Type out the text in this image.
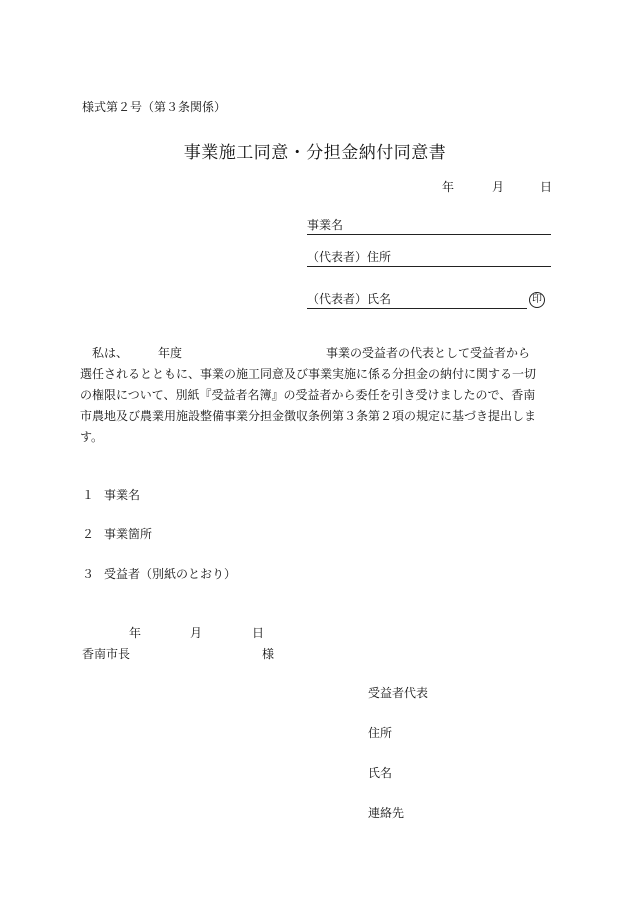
様式第２号（第３条関係）
事業施工同意・分担金納付同意書
年	月	日
事業名
（代表者）住所
（代表者）氏名	印
　私は、　　　年度　　　　　　　　　　　　事業の受益者の代表として受益者から
選任されるとともに、事業の施工同意及び事業実施に係る分担金の納付に関する一切
の権限について、別紙『受益者名簿』の受益者から委任を引き受けましたので、香南
市農地及び農業用施設整備事業分担金徴収条例第３条第２項の規定に基づき提出しま
す。
１ 事業名
２ 事業箇所
３ 受益者（別紙のとおり）
年	月	日
香南市長	様
受益者代表
住所
氏名
連絡先
